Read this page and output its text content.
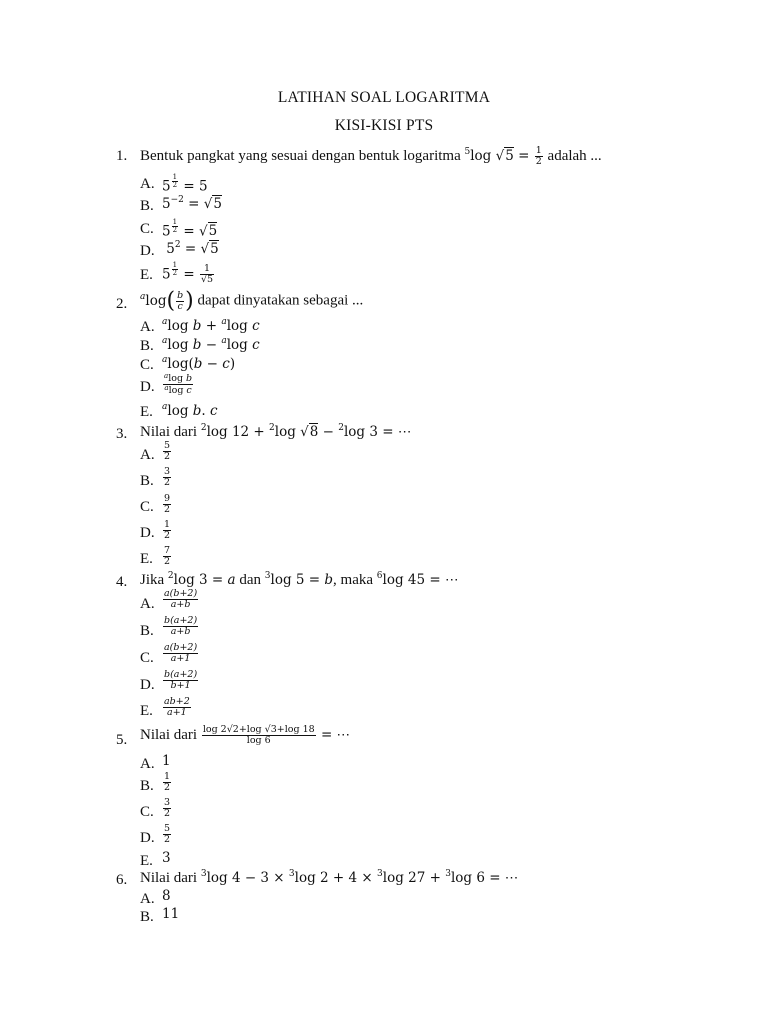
LATIHAN SOAL LOGARITMA
KISI-KISI PTS
1. Bentuk pangkat yang sesuai dengan bentuk logaritma $^5$log $√5 = \frac{1}{2}$ adalah ...
A. 5 $^{\frac{1}{2}}$ = 5
B. $5^{-2} = √5$
C. 5 $^{\frac{1}{2}}$ = √5
D. $5^2 = √5$
E. 5 $^{\frac{1}{2}} = \frac{1}{√5}$
2. $^a\log( \frac{b}{c}$ ) dapat dinyatakan sebagai ...
A. $^a$log b + $^a$log c
B. $^a$log b − $^a$log c
C. $^a$log(b − c)
D. $\frac{^a\log b}{^a\log c}$
E. $^a$log b. c
3. Nilai dari $^2$log 12 + $^2$log √8 − $^2$log 3 = ⋯
A. $\frac{5}{2}$
B. $\frac{3}{2}$
C. $\frac{9}{2}$
D. $\frac{1}{2}$
E. $\frac{7}{2}$
4. Jika $^2$log 3 = a dan $^3$log 5 = b, maka $^6$log 45 = ⋯
A. $\frac{a(b+2)}{a+b}$
B. $\frac{b(a+2)}{a+b}$
C. $\frac{a(b+2)}{a+1}$
D. $\frac{b(a+2)}{b+1}$
E. $\frac{ab+2}{a+1}$
5. Nilai dari $\frac{\log 2√2+\log √3+\log 18}{\log 6}$ = ⋯
A. 1
B. $\frac{1}{2}$
C. $\frac{3}{2}$
D. $\frac{5}{2}$
E. 3
6. Nilai dari $^3$log 4 − 3 × $^3$log 2 + 4 × $^3$log 27 + $^3$log 6 = ⋯
A. 8
B. 11
